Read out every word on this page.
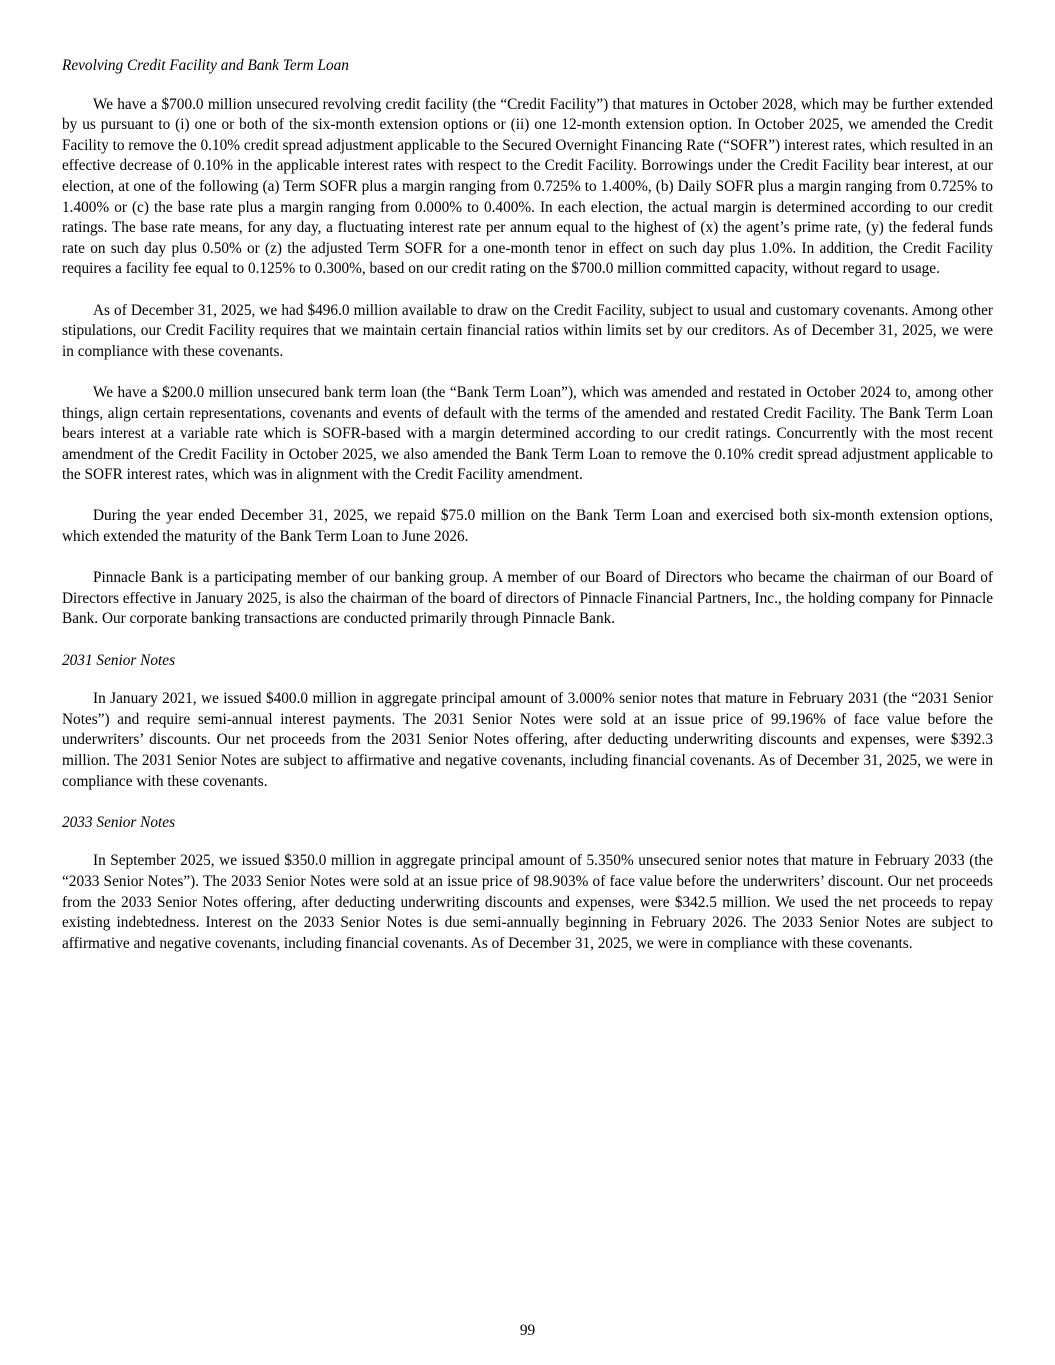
Revolving Credit Facility and Bank Term Loan

We have a $700.0 million unsecured revolving credit facility (the “Credit Facility”) that matures in October 2028, which may be further extended by us pursuant to (i) one or both of the six-month extension options or (ii) one 12-month extension option. In October 2025, we amended the Credit Facility to remove the 0.10% credit spread adjustment applicable to the Secured Overnight Financing Rate (“SOFR”) interest rates, which resulted in an effective decrease of 0.10% in the applicable interest rates with respect to the Credit Facility. Borrowings under the Credit Facility bear interest, at our election, at one of the following (a) Term SOFR plus a margin ranging from 0.725% to 1.400%, (b) Daily SOFR plus a margin ranging from 0.725% to 1.400% or (c) the base rate plus a margin ranging from 0.000% to 0.400%. In each election, the actual margin is determined according to our credit ratings. The base rate means, for any day, a fluctuating interest rate per annum equal to the highest of (x) the agent’s prime rate, (y) the federal funds rate on such day plus 0.50% or (z) the adjusted Term SOFR for a one-month tenor in effect on such day plus 1.0%. In addition, the Credit Facility requires a facility fee equal to 0.125% to 0.300%, based on our credit rating on the $700.0 million committed capacity, without regard to usage.

As of December 31, 2025, we had $496.0 million available to draw on the Credit Facility, subject to usual and customary covenants. Among other stipulations, our Credit Facility requires that we maintain certain financial ratios within limits set by our creditors. As of December 31, 2025, we were in compliance with these covenants.

We have a $200.0 million unsecured bank term loan (the “Bank Term Loan”), which was amended and restated in October 2024 to, among other things, align certain representations, covenants and events of default with the terms of the amended and restated Credit Facility. The Bank Term Loan bears interest at a variable rate which is SOFR-based with a margin determined according to our credit ratings. Concurrently with the most recent amendment of the Credit Facility in October 2025, we also amended the Bank Term Loan to remove the 0.10% credit spread adjustment applicable to the SOFR interest rates, which was in alignment with the Credit Facility amendment.

During the year ended December 31, 2025, we repaid $75.0 million on the Bank Term Loan and exercised both six-month extension options, which extended the maturity of the Bank Term Loan to June 2026.

Pinnacle Bank is a participating member of our banking group. A member of our Board of Directors who became the chairman of our Board of Directors effective in January 2025, is also the chairman of the board of directors of Pinnacle Financial Partners, Inc., the holding company for Pinnacle Bank. Our corporate banking transactions are conducted primarily through Pinnacle Bank.

2031 Senior Notes

In January 2021, we issued $400.0 million in aggregate principal amount of 3.000% senior notes that mature in February 2031 (the “2031 Senior Notes”) and require semi-annual interest payments. The 2031 Senior Notes were sold at an issue price of 99.196% of face value before the underwriters’ discounts. Our net proceeds from the 2031 Senior Notes offering, after deducting underwriting discounts and expenses, were $392.3 million. The 2031 Senior Notes are subject to affirmative and negative covenants, including financial covenants. As of December 31, 2025, we were in compliance with these covenants.

2033 Senior Notes

In September 2025, we issued $350.0 million in aggregate principal amount of 5.350% unsecured senior notes that mature in February 2033 (the “2033 Senior Notes”). The 2033 Senior Notes were sold at an issue price of 98.903% of face value before the underwriters’ discount. Our net proceeds from the 2033 Senior Notes offering, after deducting underwriting discounts and expenses, were $342.5 million. We used the net proceeds to repay existing indebtedness. Interest on the 2033 Senior Notes is due semi-annually beginning in February 2026. The 2033 Senior Notes are subject to affirmative and negative covenants, including financial covenants. As of December 31, 2025, we were in compliance with these covenants.

99
